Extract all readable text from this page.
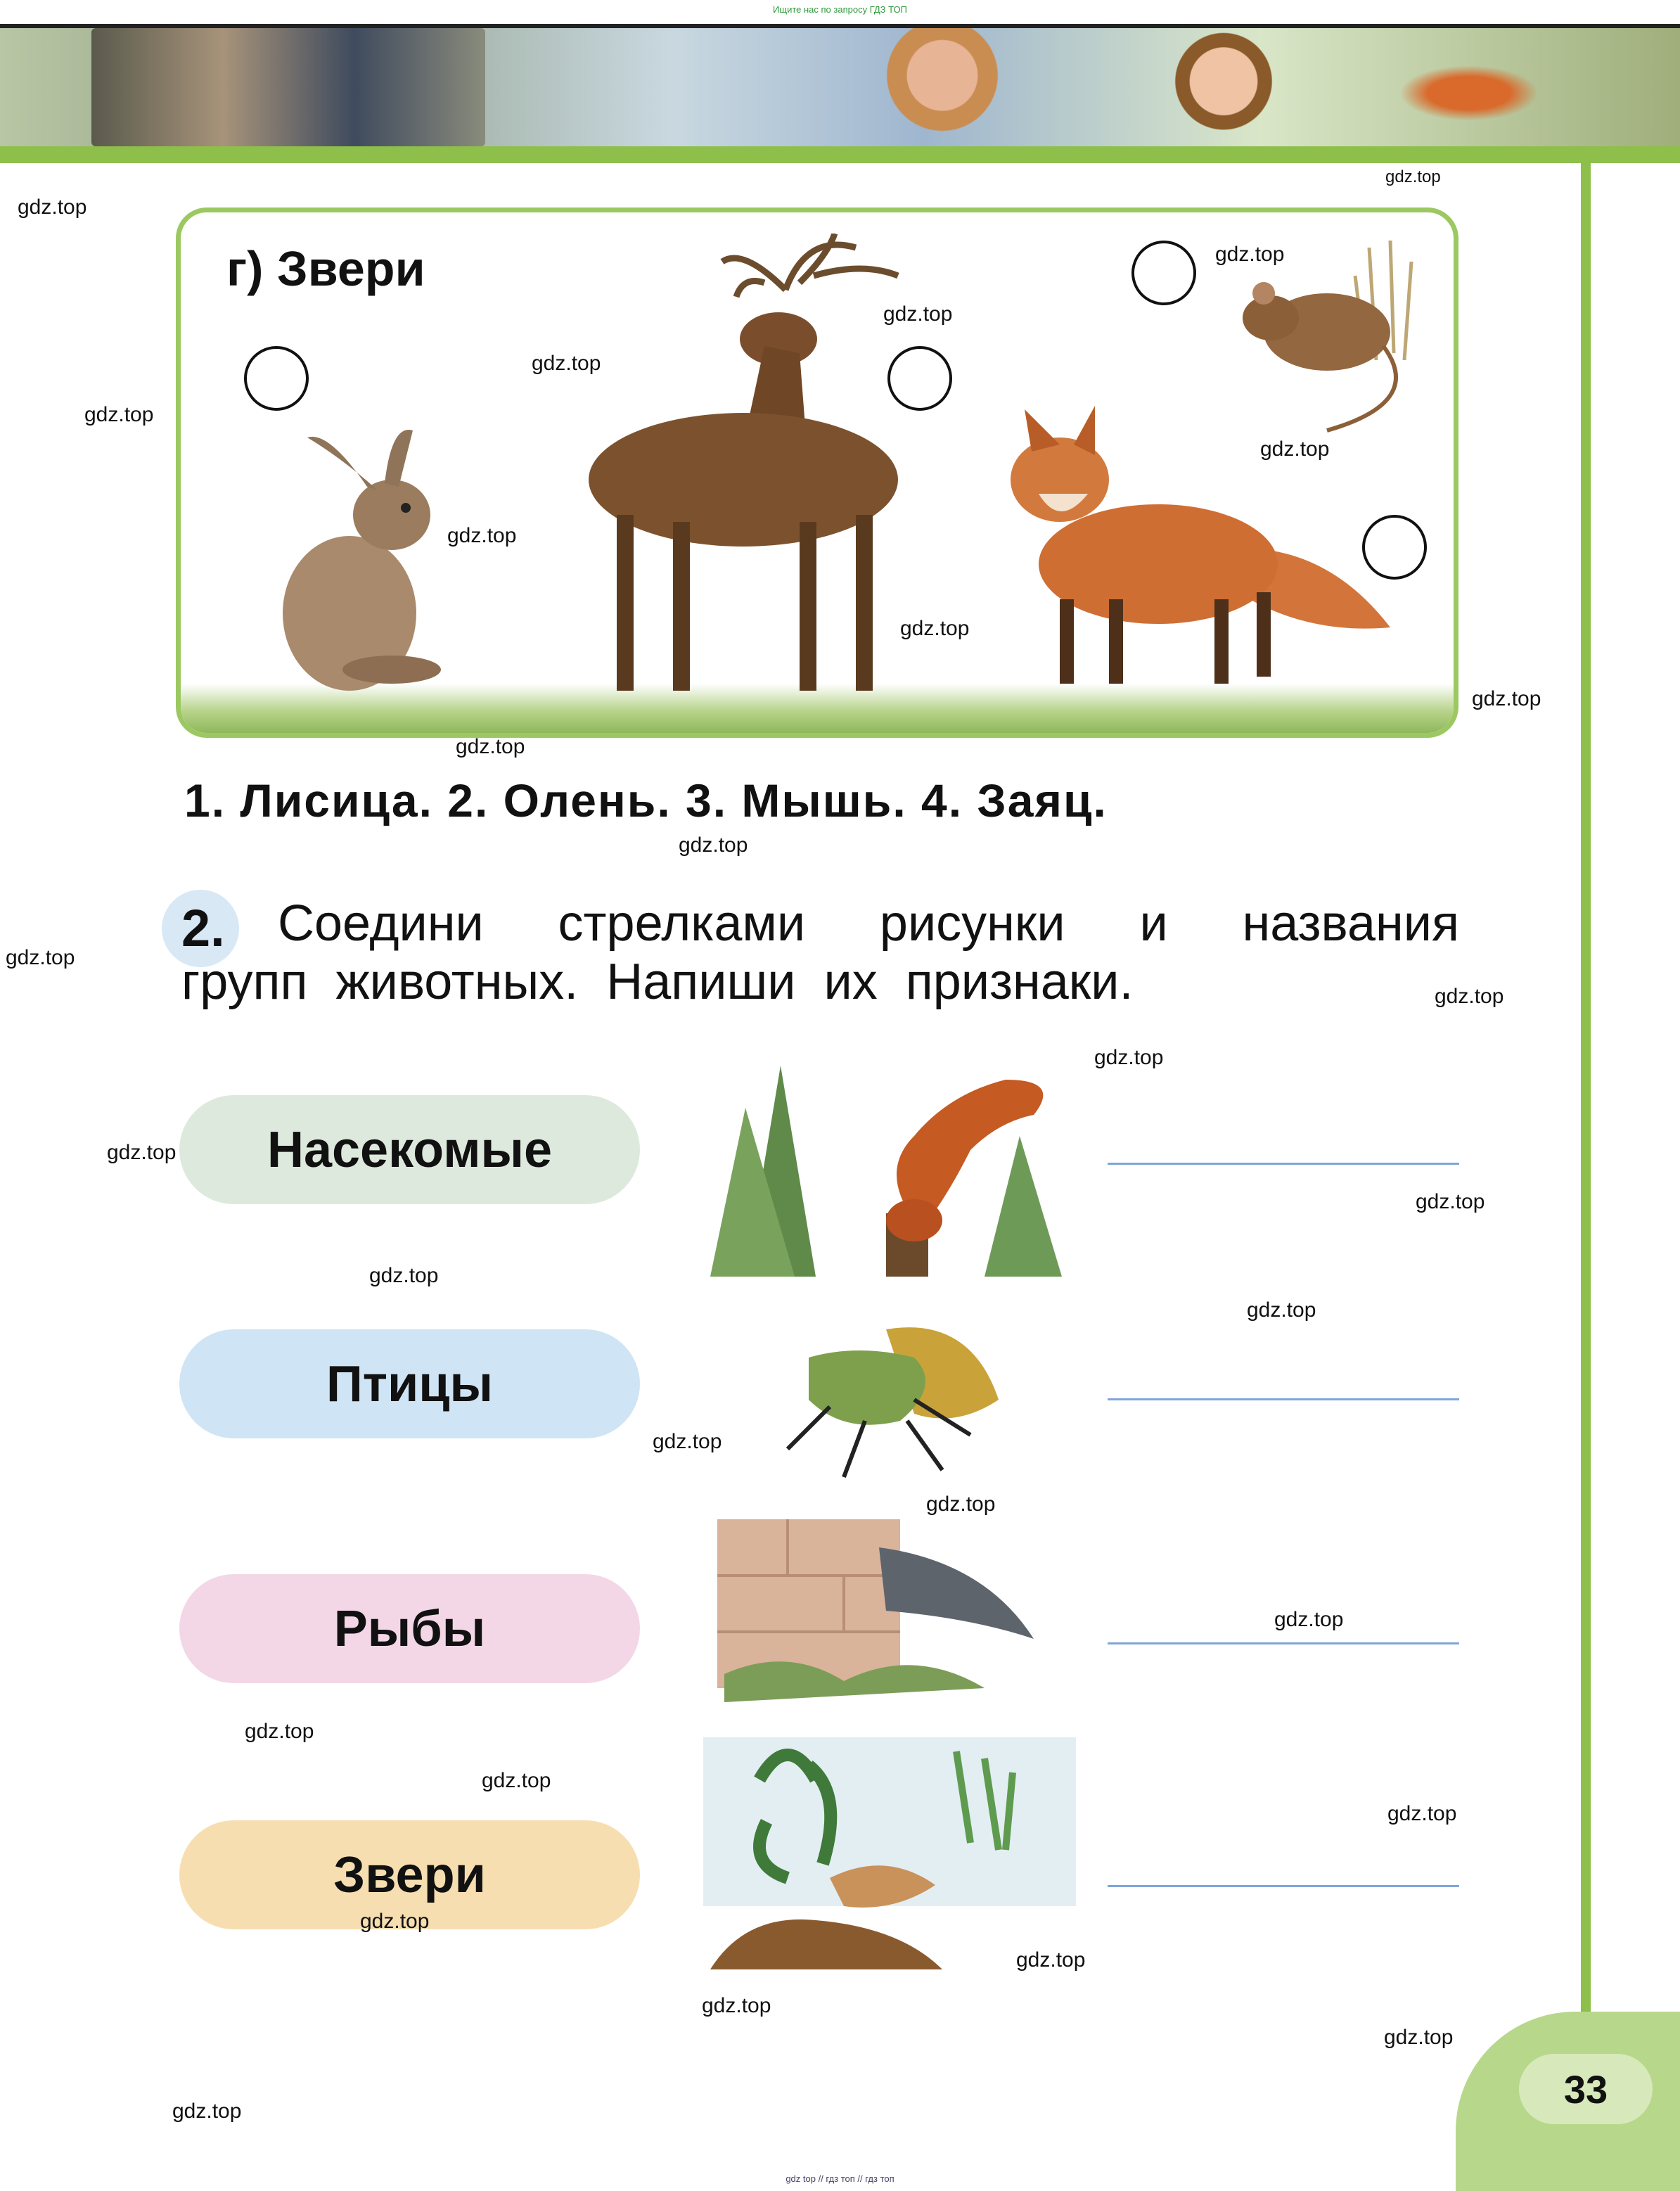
Ищите нас по запросу ГДЗ ТОП
г) Звери
1. Лисица. 2. Олень. 3. Мышь. 4. Заяц.
2. Соедини стрелками рисунки и названия
групп животных. Напиши их признаки.
Насекомые
Птицы
Рыбы
Звери
gdz.top
gdz.top
gdz.top
gdz.top
gdz.top
gdz.top
gdz.top
gdz.top
gdz.top
gdz.top
gdz.top
gdz.top
gdz.top
gdz.top
gdz.top
gdz.top
gdz.top
gdz.top
gdz.top
gdz.top
gdz.top
gdz.top
gdz.top
gdz.top
gdz.top
gdz.top
gdz.top
gdz.top
gdz.top
gdz.top	33
gdz top // гдз топ // гдз топ
